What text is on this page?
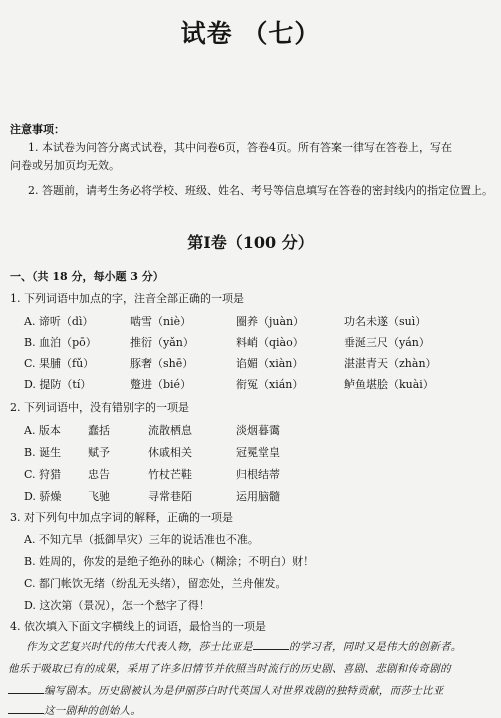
试卷 （七）
注意事项：
1. 本试卷为问答分离式试卷，其中问卷6页，答卷4页。所有答案一律写在答卷上，写在
问卷或另加页均无效。
2. 答题前，请考生务必将学校、班级、姓名、考号等信息填写在答卷的密封线内的指定位置上。
第Ⅰ卷（100 分）
一、（共 18 分，每小题 3 分）
1. 下列词语中加点的字，注音全部正确的一项是
A. 谛听（dì）	啮雪（niè）	圈养（juàn）	功名未遂（suì）
B. 血泊（pō）	推衍（yǎn）	料峭（qiào）	垂涎三尺（yán）
C. 果脯（fǔ）	豚奢（shē）	谄媚（xiàn）	湛湛青天（zhàn）
D. 提防（tí）	蹩进（bié）	衔冤（xián）	鲈鱼堪脍（kuài）
2. 下列词语中，没有错别字的一项是
A. 版本 蠢括	流散栖息	淡烟暮霭
B. 诞生 赋予	休戚相关	冠冕堂皇
C. 狩猎 忠告	竹杖芒鞋	归根结蒂
D. 骄燥 飞驰	寻常巷陌	运用脑髓
3. 对下列句中加点字词的解释，正确的一项是
A. 不知亢旱（抵御旱灾）三年的说话准也不准。
B. 姓周的，你发的是绝子绝孙的昧心（糊涂；不明白）财！
C. 都门帐饮无绪（纷乱无头绪），留恋处，兰舟催发。
D. 这次第（景况），怎一个愁字了得！
4. 依次填入下面文字横线上的词语，最恰当的一项是
作为文艺复兴时代的伟大代表人物，莎士比亚是	的学习者，同时又是伟大的创新者。
他乐于吸取已有的成果，采用了许多旧情节并依照当时流行的历史剧、喜剧、悲剧和传奇剧的
编写剧本。历史剧被认为是伊丽莎白时代英国人对世界戏剧的独特贡献，而莎士比亚
这一剧种的创始人。
